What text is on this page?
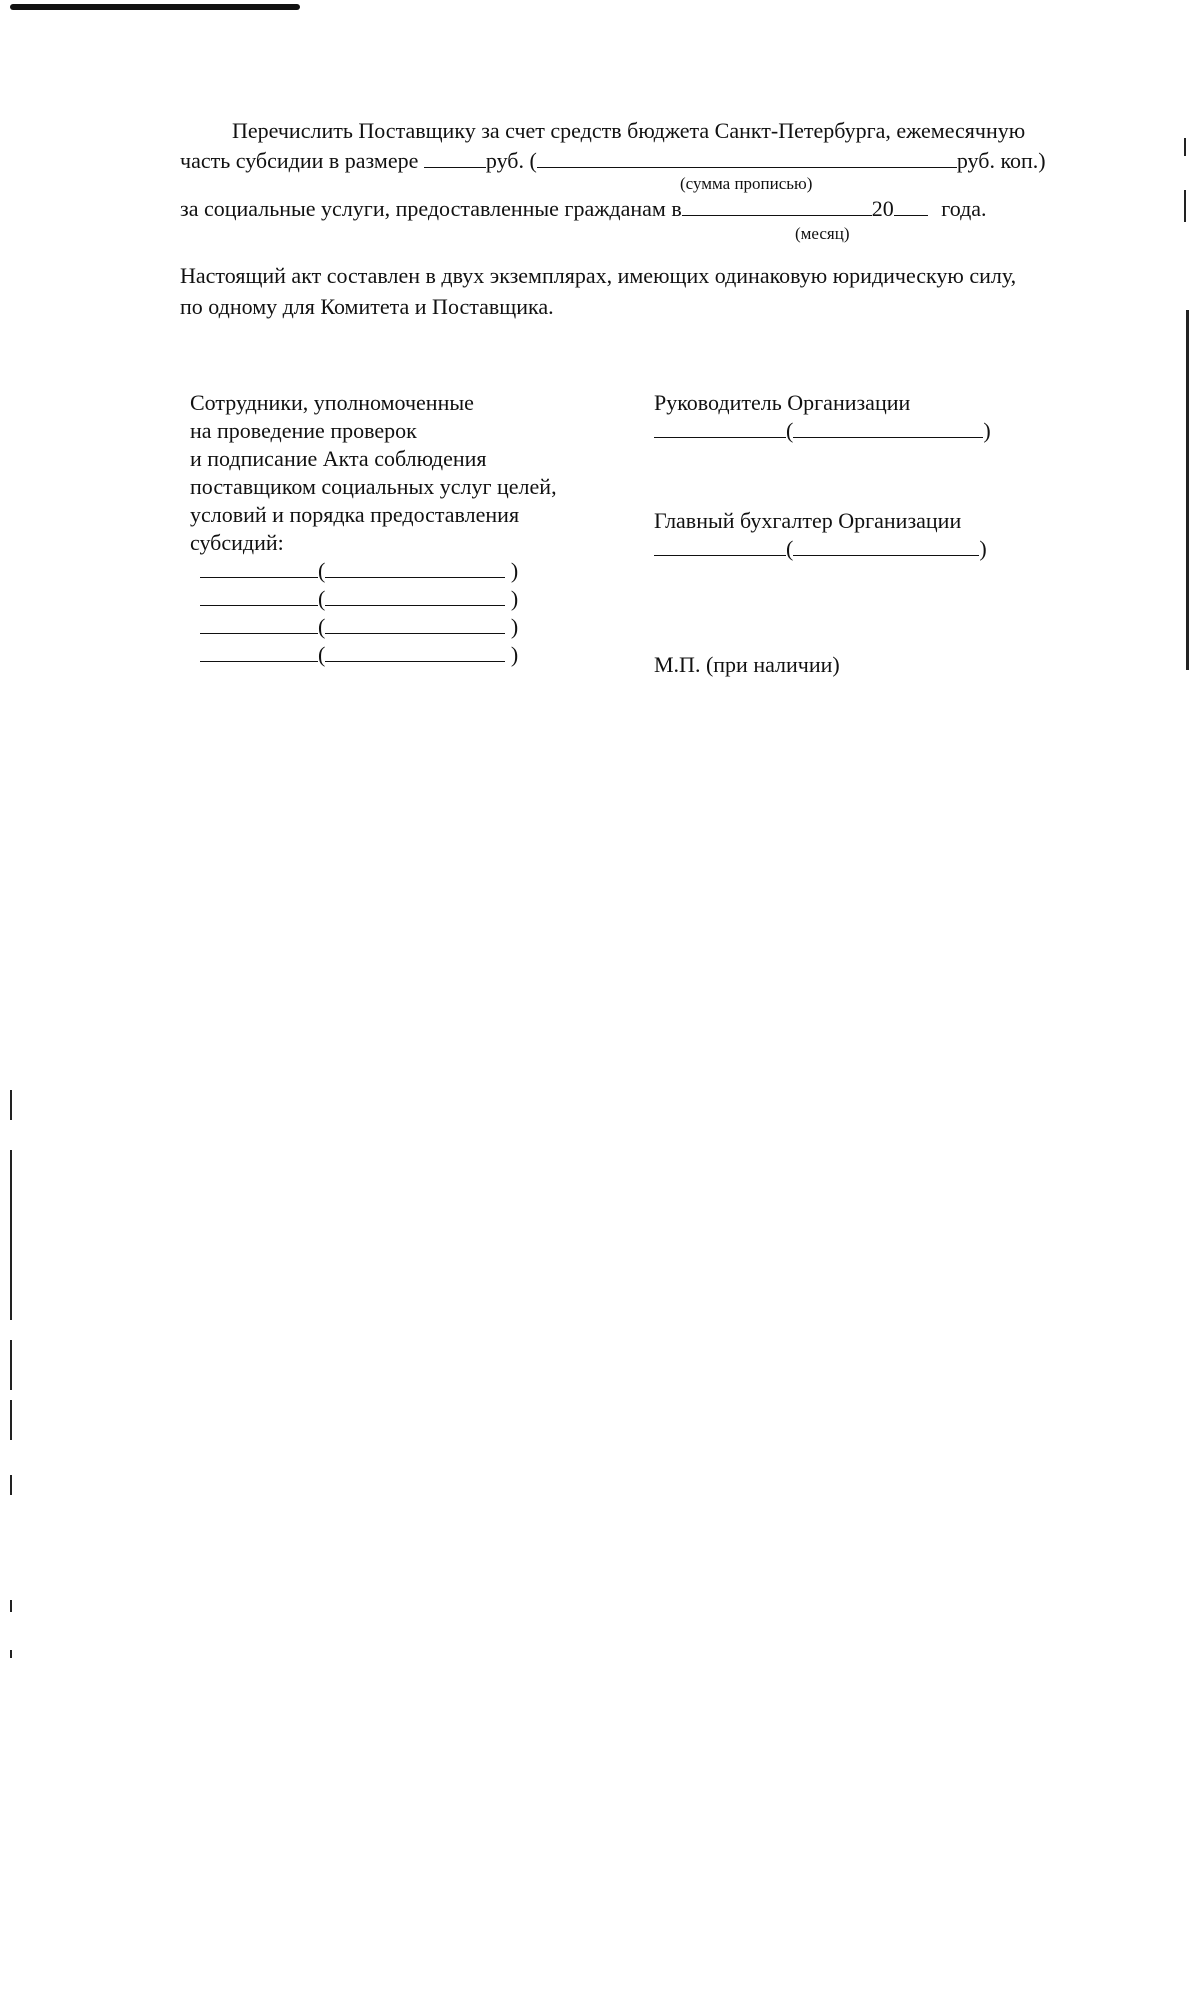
Перечислить Поставщику за счет средств бюджета Санкт-Петербурга, ежемесячную
часть субсидии в размере	руб. (	руб. коп.)
(сумма прописью)
за социальные услуги, предоставленные гражданам в	20 года.
(месяц)
Настоящий акт составлен в двух экземплярах, имеющих одинаковую юридическую силу,
по одному для Комитета и Поставщика.
Сотрудники, уполномоченные
на проведение проверок
и подписание Акта соблюдения
поставщиком социальных услуг целей,
условий и порядка предоставления
субсидий:
(	)
(	)
(	)
(	)
Руководитель Организации
(	)
Главный бухгалтер Организации
(	)
М.П. (при наличии)
